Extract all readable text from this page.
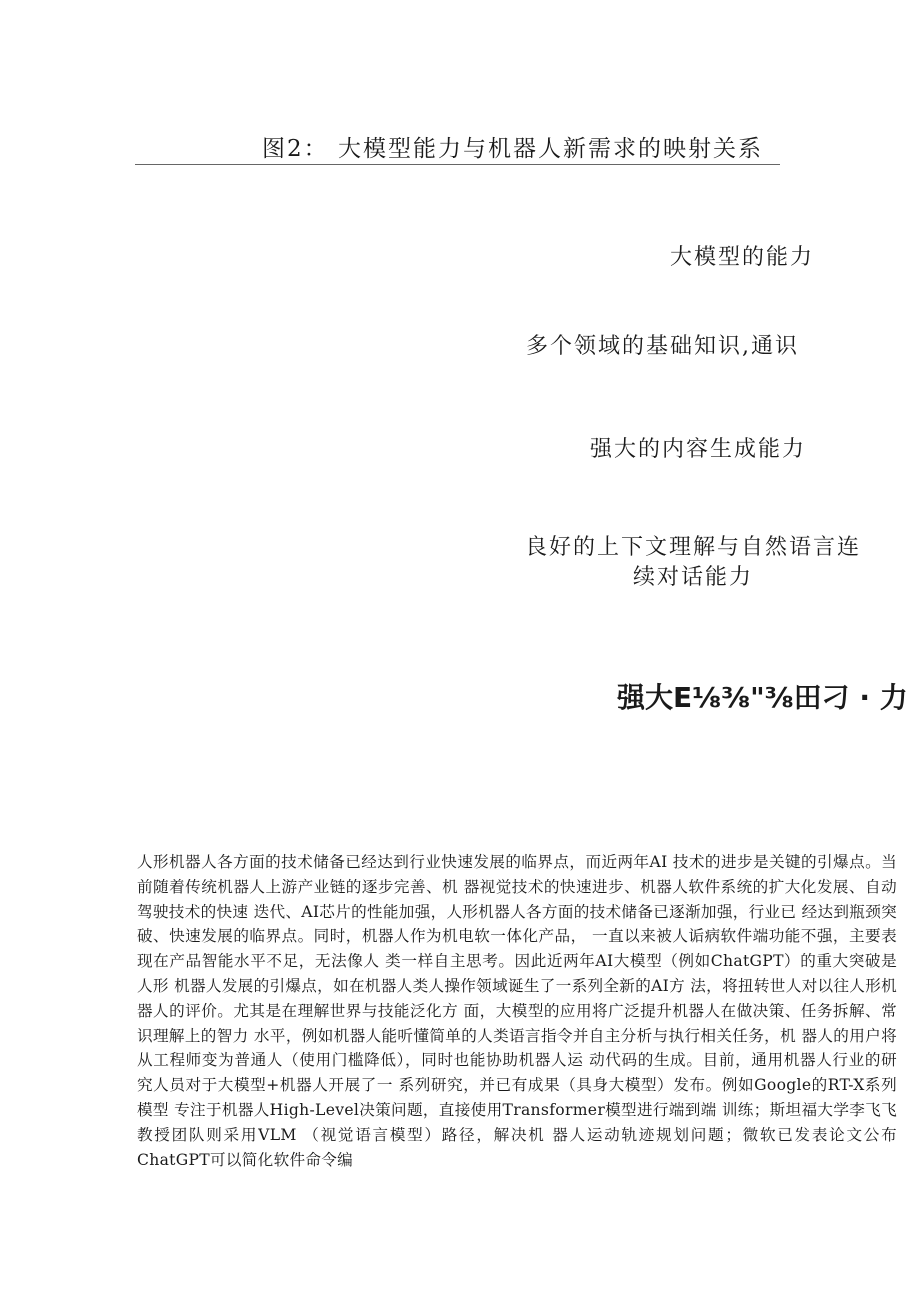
图2： 大模型能力与机器人新需求的映射关系
大模型的能力
多个领域的基础知识,通识
强大的内容生成能力
良好的上下文理解与自然语言连
续对话能力
强大E⅛⅜"⅜田刁 · 力
人形机器人各方面的技术储备已经达到行业快速发展的临界点，而近两年AI 技术的进步是关键的引爆点。当前随着传统机器人上游产业链的逐步完善、机 器视觉技术的快速进步、机器人软件系统的扩大化发展、自动驾驶技术的快速 迭代、AI芯片的性能加强，人形机器人各方面的技术储备已逐渐加强，行业已 经达到瓶颈突破、快速发展的临界点。同时，机器人作为机电软一体化产品， 一直以来被人诟病软件端功能不强，主要表现在产品智能水平不足，无法像人 类一样自主思考。因此近两年AI大模型（例如ChatGPT）的重大突破是人形 机器人发展的引爆点，如在机器人类人操作领域诞生了一系列全新的AI方 法，将扭转世人对以往人形机器人的评价。尤其是在理解世界与技能泛化方 面，大模型的应用将广泛提升机器人在做决策、任务拆解、常识理解上的智力 水平，例如机器人能听懂简单的人类语言指令并自主分析与执行相关任务，机 器人的用户将从工程师变为普通人（使用门槛降低），同时也能协助机器人运 动代码的生成。目前，通用机器人行业的研究人员对于大模型+机器人开展了一 系列研究，并已有成果（具身大模型）发布。例如Google的RT-X系列模型 专注于机器人High-Level决策问题，直接使用Transformer模型进行端到端 训练；斯坦福大学李飞飞教授团队则采用VLM （视觉语言模型）路径，解决机 器人运动轨迹规划问题；微软已发表论文公布ChatGPT可以简化软件命令编
